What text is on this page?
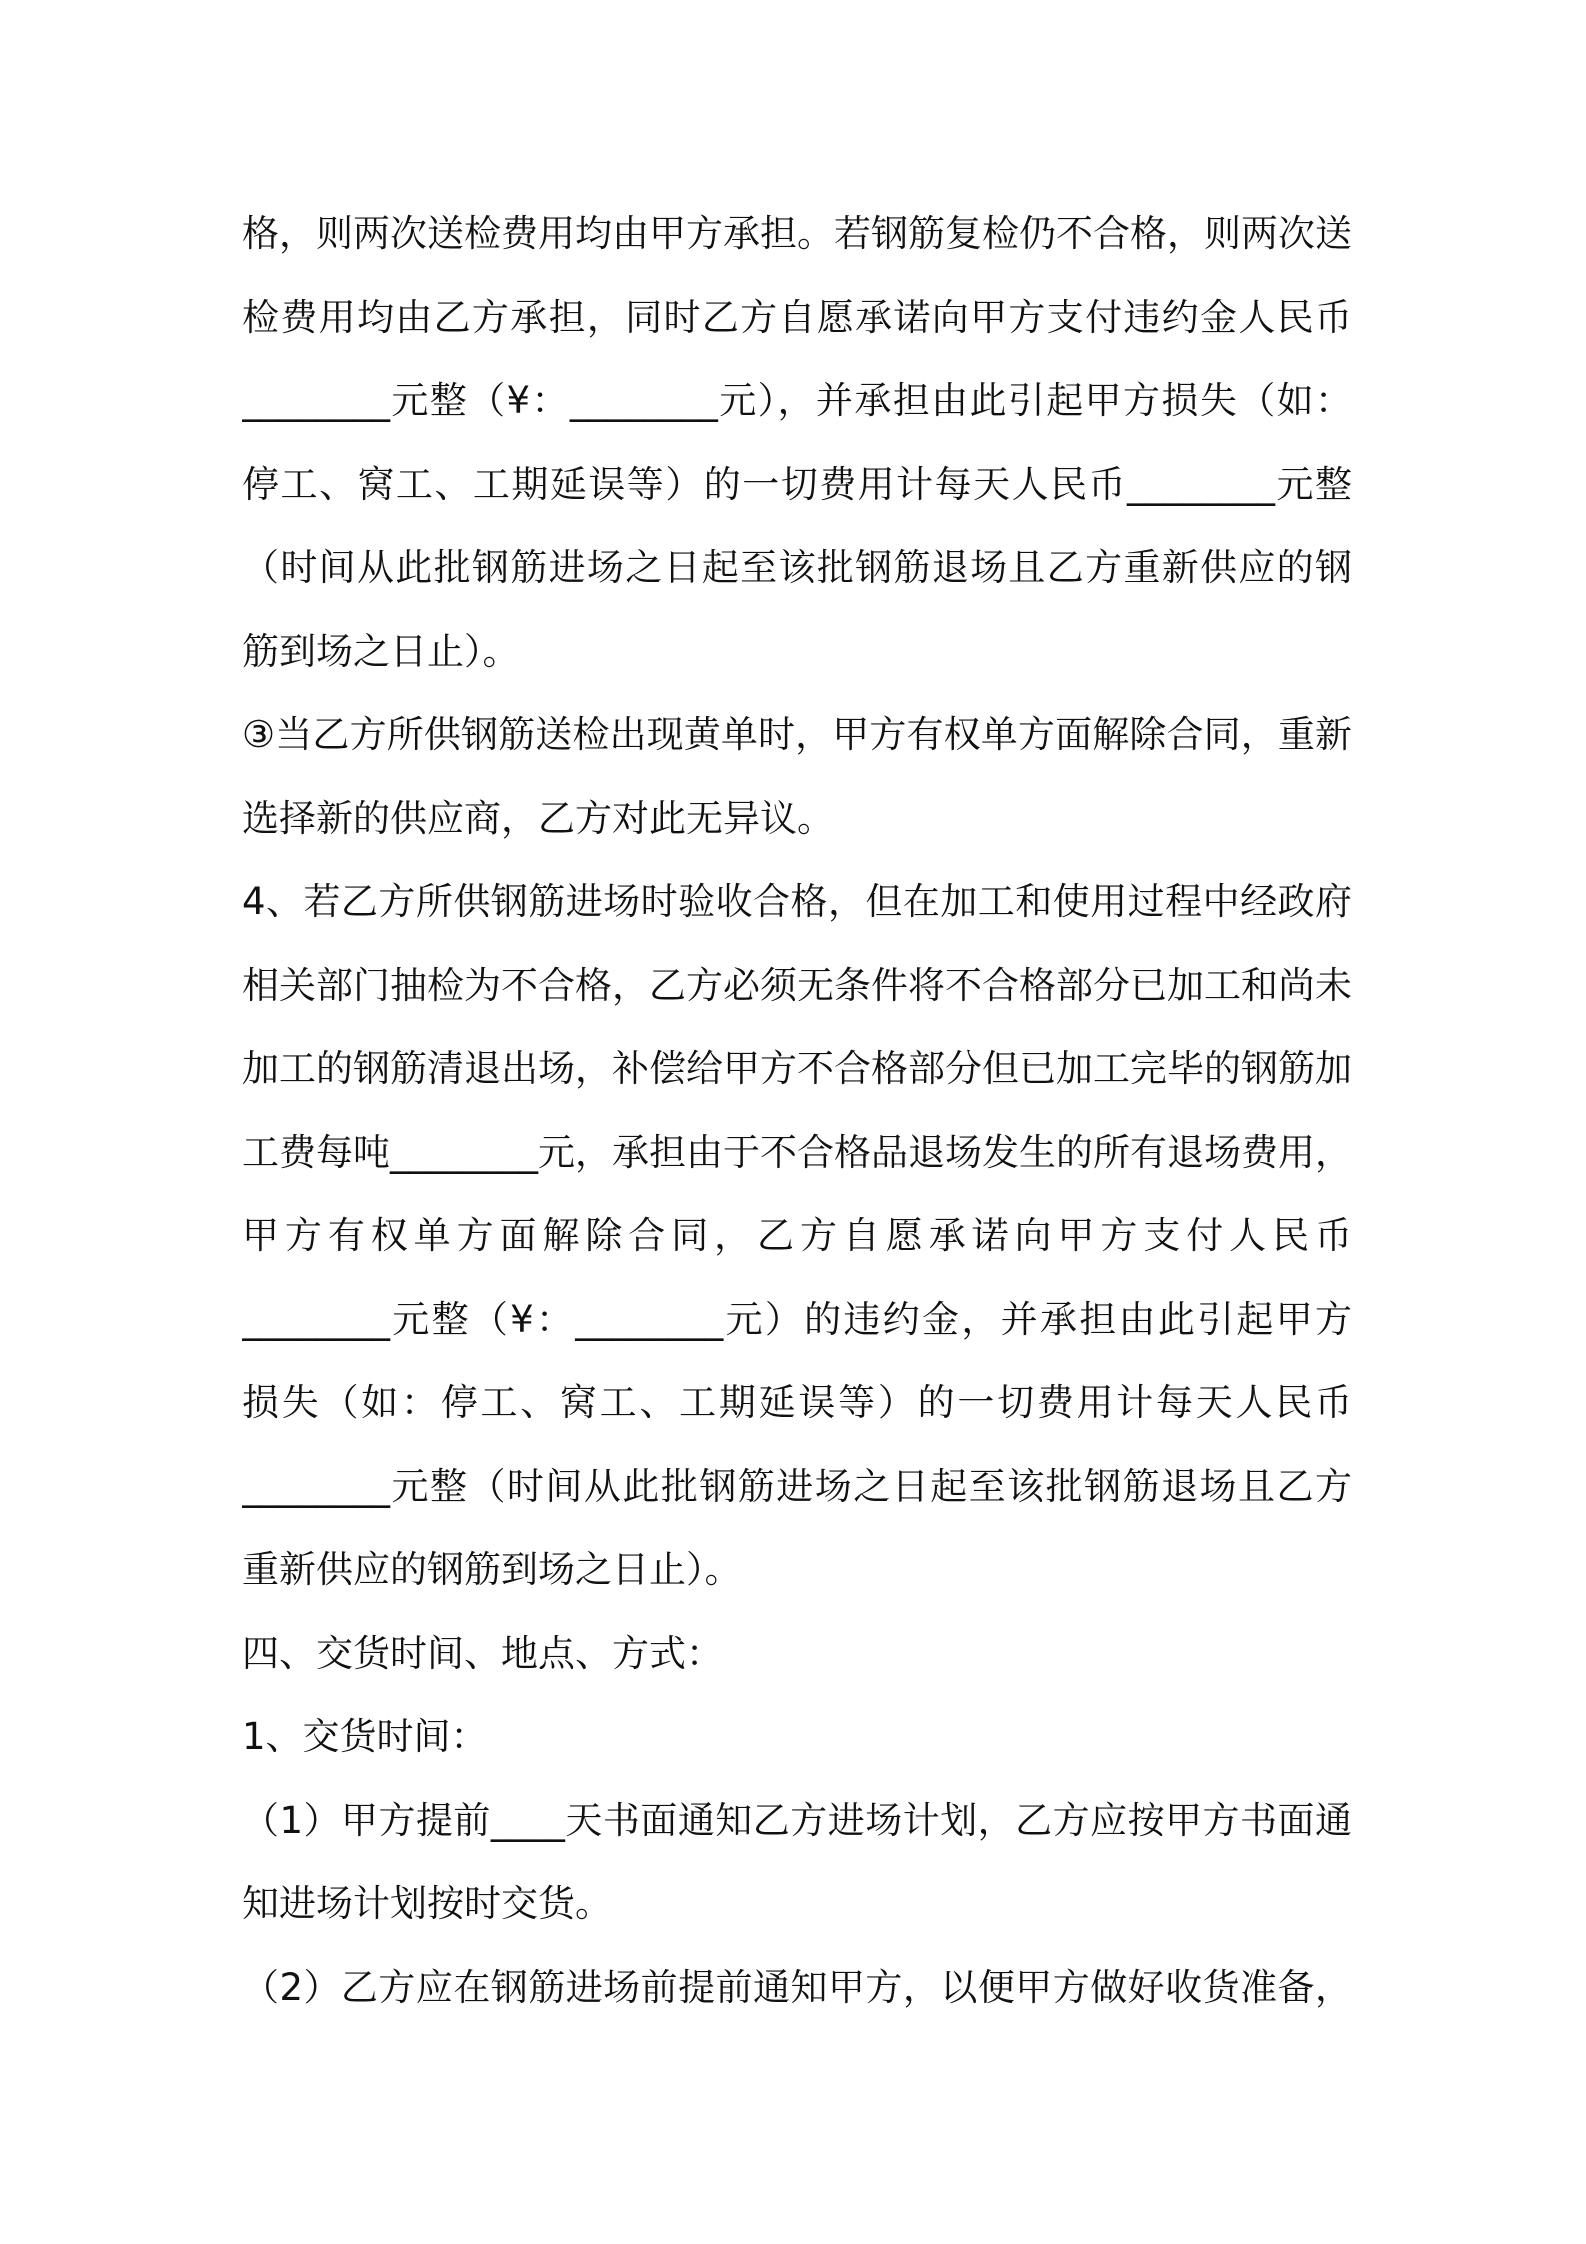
格，则两次送检费用均由甲方承担。若钢筋复检仍不合格，则两次送
检费用均由乙方承担，同时乙方自愿承诺向甲方支付违约金人民币
________元整（¥：________元），并承担由此引起甲方损失（如：
停工、窝工、工期延误等）的一切费用计每天人民币________元整
（时间从此批钢筋进场之日起至该批钢筋退场且乙方重新供应的钢
筋到场之日止）。
③当乙方所供钢筋送检出现黄单时，甲方有权单方面解除合同，重新
选择新的供应商，乙方对此无异议。
4、若乙方所供钢筋进场时验收合格，但在加工和使用过程中经政府
相关部门抽检为不合格，乙方必须无条件将不合格部分已加工和尚未
加工的钢筋清退出场，补偿给甲方不合格部分但已加工完毕的钢筋加
工费每吨________元，承担由于不合格品退场发生的所有退场费用，
甲方有权单方面解除合同，乙方自愿承诺向甲方支付人民币
________元整（¥：________元）的违约金，并承担由此引起甲方
损失（如：停工、窝工、工期延误等）的一切费用计每天人民币
________元整（时间从此批钢筋进场之日起至该批钢筋退场且乙方
重新供应的钢筋到场之日止）。
四、交货时间、地点、方式：
1、交货时间：
（1）甲方提前____天书面通知乙方进场计划，乙方应按甲方书面通
知进场计划按时交货。
（2）乙方应在钢筋进场前提前通知甲方，以便甲方做好收货准备，
